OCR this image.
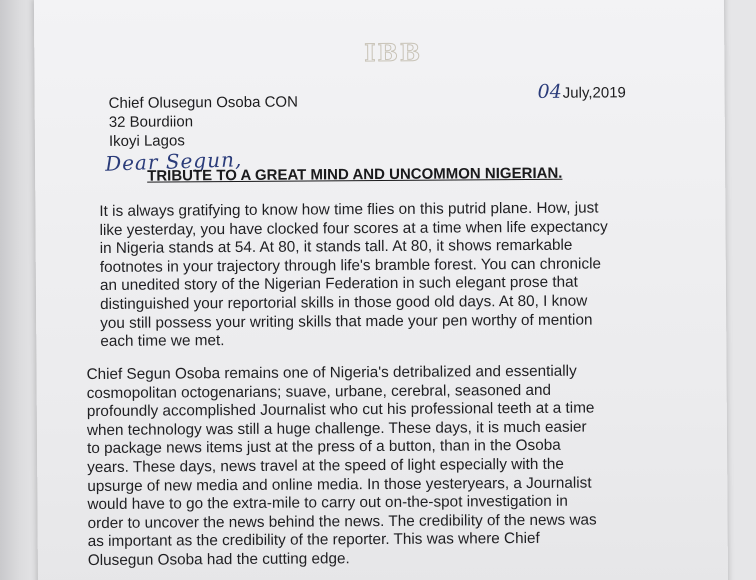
IBB
Chief Olusegun Osoba CON
32 Bourdiion
Ikoyi Lagos
04July,2019
Dear Segun,
TRIBUTE TO A GREAT MIND AND UNCOMMON NIGERIAN.
It is always gratifying to know how time flies on this putrid plane. How, just
like yesterday, you have clocked four scores at a time when life expectancy
in Nigeria stands at 54. At 80, it stands tall. At 80, it shows remarkable
footnotes in your trajectory through life's bramble forest. You can chronicle
an unedited story of the Nigerian Federation in such elegant prose that
distinguished your reportorial skills in those good old days. At 80, I know
you still possess your writing skills that made your pen worthy of mention
each time we met.
Chief Segun Osoba remains one of Nigeria's detribalized and essentially
cosmopolitan octogenarians; suave, urbane, cerebral, seasoned and
profoundly accomplished Journalist who cut his professional teeth at a time
when technology was still a huge challenge. These days, it is much easier
to package news items just at the press of a button, than in the Osoba
years. These days, news travel at the speed of light especially with the
upsurge of new media and online media. In those yesteryears, a Journalist
would have to go the extra-mile to carry out on-the-spot investigation in
order to uncover the news behind the news. The credibility of the news was
as important as the credibility of the reporter. This was where Chief
Olusegun Osoba had the cutting edge.
